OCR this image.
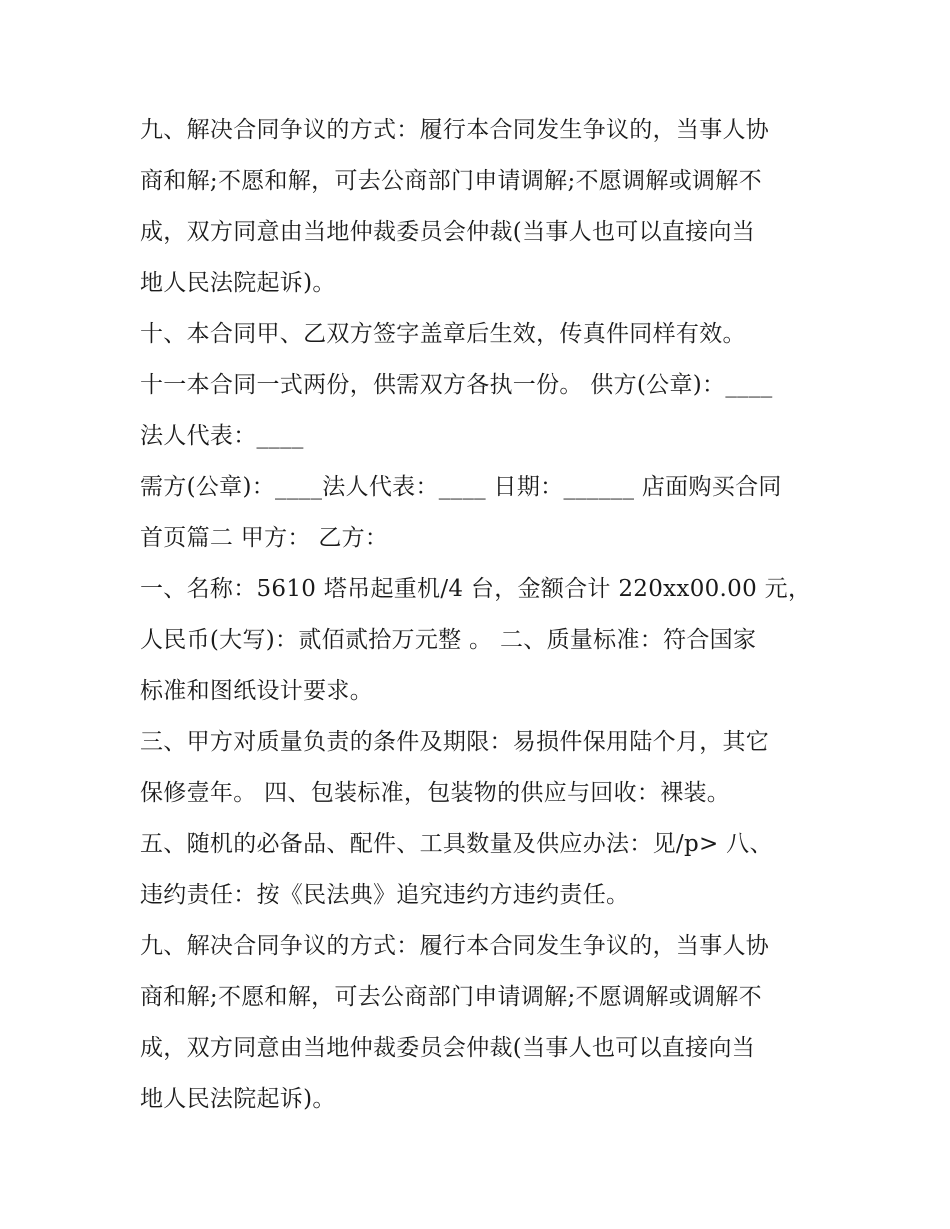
九、解决合同争议的方式：履行本合同发生争议的，当事人协
商和解;不愿和解，可去公商部门申请调解;不愿调解或调解不
成，双方同意由当地仲裁委员会仲裁(当事人也可以直接向当
地人民法院起诉)。
十、本合同甲、乙双方签字盖章后生效，传真件同样有效。
十一本合同一式两份，供需双方各执一份。 供方(公章)：____
法人代表：____
需方(公章)：____法人代表：____ 日期：______ 店面购买合同
首页篇二 甲方： 乙方：
一、名称：5610 塔吊起重机/4 台，金额合计 220xx00.00 元，
人民币(大写)：贰佰贰拾万元整 。 二、质量标准：符合国家
标准和图纸设计要求。
三、甲方对质量负责的条件及期限：易损件保用陆个月，其它
保修壹年。 四、包装标准，包装物的供应与回收：裸装。
五、随机的必备品、配件、工具数量及供应办法：见/p> 八、
违约责任：按《民法典》追究违约方违约责任。
九、解决合同争议的方式：履行本合同发生争议的，当事人协
商和解;不愿和解，可去公商部门申请调解;不愿调解或调解不
成，双方同意由当地仲裁委员会仲裁(当事人也可以直接向当
地人民法院起诉)。
